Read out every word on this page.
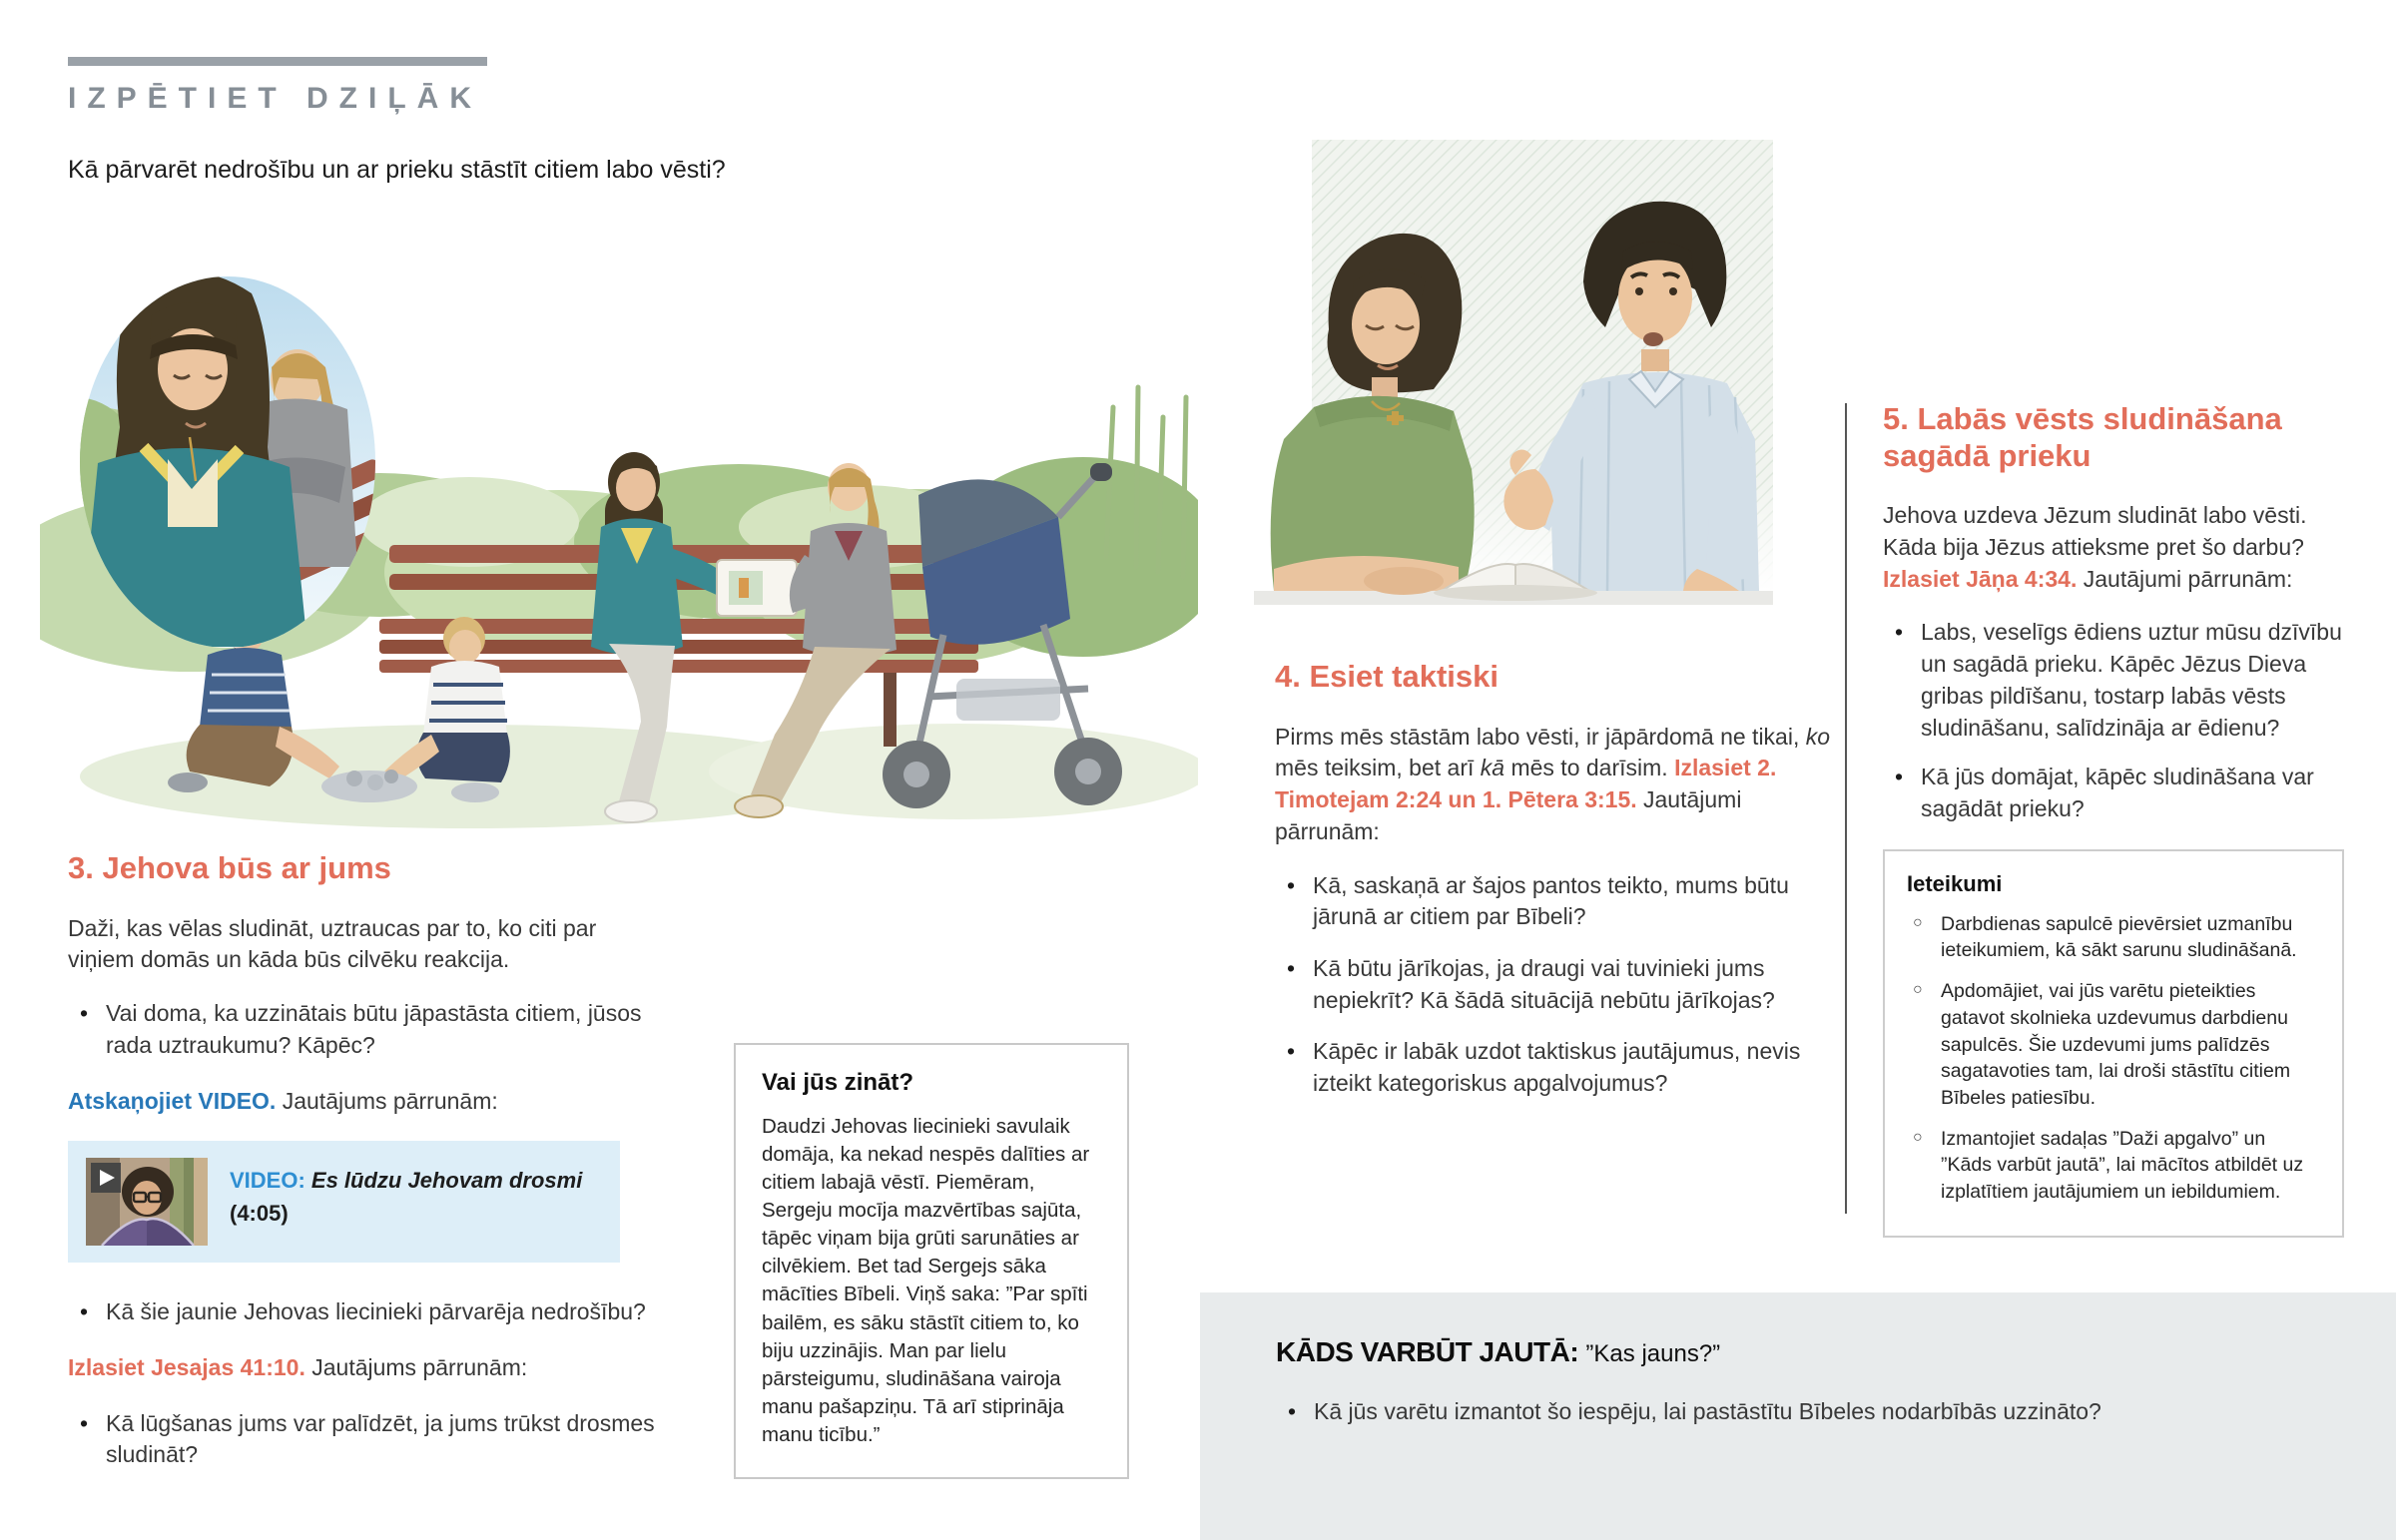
IZPĒTIET DZIĻĀK
Kā pārvarēt nedrošību un ar prieku stāstīt citiem labo vēsti?
3. Jehova būs ar jums

Daži, kas vēlas sludināt, uztraucas par to, ko citi par viņiem domās un kāda būs cilvēku reakcija.

• Vai doma, ka uzzinātais būtu jāpastāsta citiem, jūsos rada uztraukumu? Kāpēc?

Atskaņojiet VIDEO. Jautājums pārrunām:

VIDEO: Es lūdzu Jehovam drosmi
(4:05)
• Kā šie jaunie Jehovas liecinieki pārvarēja nedrošību?

Izlasiet Jesajas 41:10. Jautājums pārrunām:

• Kā lūgšanas jums var palīdzēt, ja jums trūkst drosmes sludināt?
Vai jūs zināt?

Daudzi Jehovas liecinieki savulaik domāja, ka nekad nespēs dalīties ar citiem labajā vēstī. Piemēram, Sergeju mocīja mazvērtības sajūta, tāpēc viņam bija grūti sarunāties ar cilvēkiem. Bet tad Sergejs sāka mācīties Bībeli. Viņš saka: ”Par spīti bailēm, es sāku stāstīt citiem to, ko biju uzzinājis. Man par lielu pārsteigumu, sludināšana vairoja manu pašapziņu. Tā arī stiprināja manu ticību.”

4. Esiet taktiski

Pirms mēs stāstām labo vēsti, ir jāpārdomā ne tikai, ko mēs teiksim, bet arī kā mēs to darīsim. Izlasiet 2. Timotejam 2:24 un 1. Pētera 3:15. Jautājumi pārrunām:

• Kā, saskaņā ar šajos pantos teikto, mums būtu jārunā ar citiem par Bībeli?
• Kā būtu jārīkojas, ja draugi vai tuvinieki jums nepiekrīt? Kā šādā situācijā nebūtu jārīkojas?
• Kāpēc ir labāk uzdot taktiskus jautājumus, nevis izteikt kategoriskus apgalvojumus?
5. Labās vēsts sludināšana sagādā prieku

Jehova uzdeva Jēzum sludināt labo vēsti. Kāda bija Jēzus attieksme pret šo darbu? Izlasiet Jāņa 4:34. Jautājumi pārrunām:

• Labs, veselīgs ēdiens uztur mūsu dzīvību un sagādā prieku. Kāpēc Jēzus Dieva gribas pildīšanu, tostarp labās vēsts sludināšanu, salīdzināja ar ēdienu?
• Kā jūs domājat, kāpēc sludināšana var sagādāt prieku?
Ieteikumi
○ Darbdienas sapulcē pievērsiet uzmanību ieteikumiem, kā sākt sarunu sludināšanā.
○ Apdomājiet, vai jūs varētu pieteikties gatavot skolnieka uzdevumus darbdienu sapulcēs. Šie uzdevumi jums palīdzēs sagatavoties tam, lai droši stāstītu citiem Bībeles patiesību.
○ Izmantojiet sadaļas ”Daži apgalvo” un ”Kāds varbūt jautā”, lai mācītos atbildēt uz izplatītiem jautājumiem un iebildumiem.
KĀDS VARBŪT JAUTĀ: ”Kas jauns?”
• Kā jūs varētu izmantot šo iespēju, lai pastāstītu Bībeles nodarbībās uzzināto?
